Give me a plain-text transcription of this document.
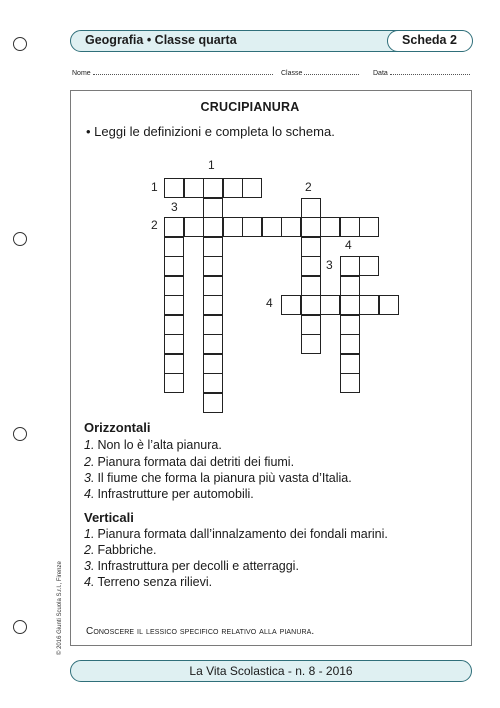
Geografia • Classe quarta	Scheda 2
Nome	Classe	Data
CRUCIPIANURA
• Leggi le definizioni e completa lo schema.
1
1	2
3
2
4
3
4
Orizzontali
1. Non lo è l’alta pianura.
2. Pianura formata dai detriti dei fiumi.
3. Il fiume che forma la pianura più vasta d’Italia.
4. Infrastrutture per automobili.
Verticali
1. Pianura formata dall’innalzamento dei fondali marini.
2. Fabbriche.
3. Infrastruttura per decolli e atterraggi.
4. Terreno senza rilievi.
Conoscere il lessico specifico relativo alla pianura.
© 2016 Giunti Scuola S.r.l., Firenze
La Vita Scolastica - n. 8 - 2016
